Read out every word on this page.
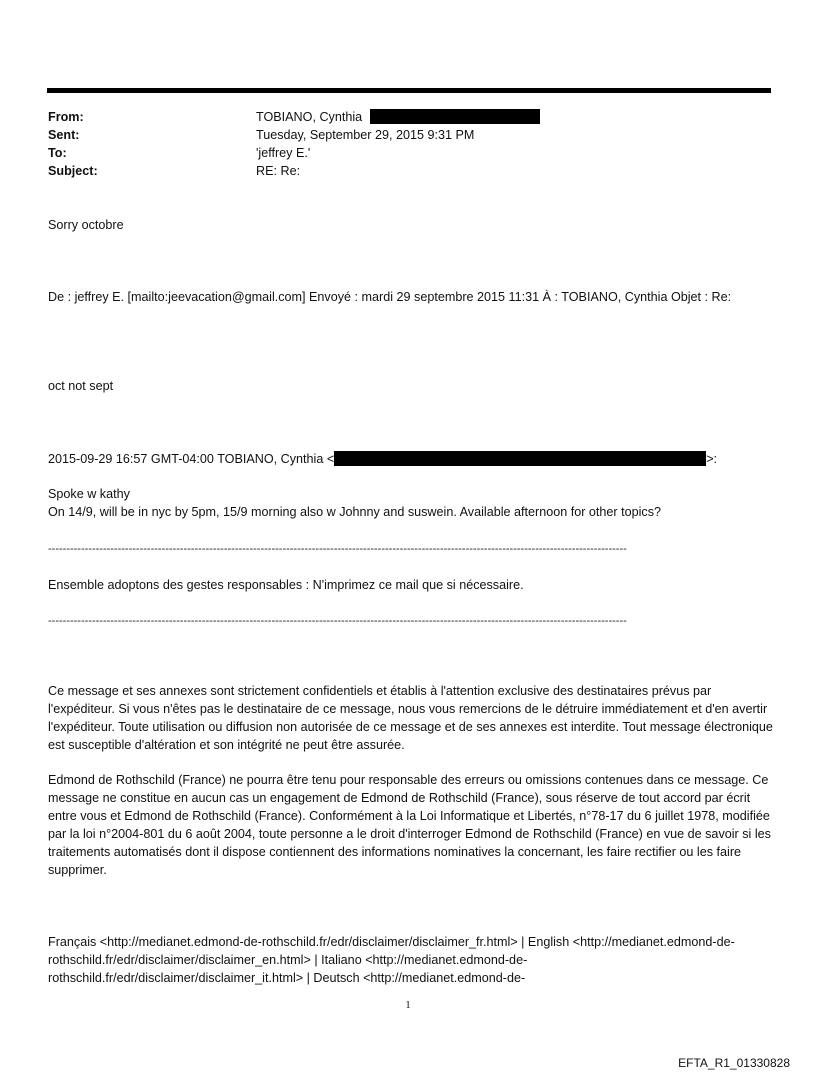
From:	TOBIANO, Cynthia
Sent:	Tuesday, September 29, 2015 9:31 PM
To:	'jeffrey E.'
Subject:	RE: Re:
Sorry octobre
De : jeffrey E. [mailto:jeevacation@gmail.com] Envoyé : mardi 29 septembre 2015 11:31 À : TOBIANO, Cynthia Objet : Re:
oct not sept
2015-09-29 16:57 GMT-04:00 TOBIANO, Cynthia <	>:
Spoke w kathy
On 14/9, will be in nyc by 5pm, 15/9 morning also w Johnny and suswein. Available afternoon for other topics?
--------------------------------------------------------------------------------------------------------------------------------------------------------------
Ensemble adoptons des gestes responsables : N'imprimez ce mail que si nécessaire.
--------------------------------------------------------------------------------------------------------------------------------------------------------------

Ce message et ses annexes sont strictement confidentiels et établis à l'attention exclusive des destinataires prévus par l'expéditeur. Si vous n'êtes pas le destinataire de ce message, nous vous remercions de le détruire immédiatement et d'en avertir l'expéditeur. Toute utilisation ou diffusion non autorisée de ce message et de ses annexes est interdite. Tout message électronique est susceptible d'altération et son intégrité ne peut être assurée.

Edmond de Rothschild (France) ne pourra être tenu pour responsable des erreurs ou omissions contenues dans ce message. Ce message ne constitue en aucun cas un engagement de Edmond de Rothschild (France), sous réserve de tout accord par écrit entre vous et Edmond de Rothschild (France). Conformément à la Loi Informatique et Libertés, n°78-17 du 6 juillet 1978, modifiée par la loi n°2004-801 du 6 août 2004, toute personne a le droit d'interroger Edmond de Rothschild (France) en vue de savoir si les traitements automatisés dont il dispose contiennent des informations nominatives la concernant, les faire rectifier ou les faire supprimer.

Français <http://medianet.edmond-de-rothschild.fr/edr/disclaimer/disclaimer_fr.html> | English <http://medianet.edmond-de-rothschild.fr/edr/disclaimer/disclaimer_en.html> | Italiano <http://medianet.edmond-de-rothschild.fr/edr/disclaimer/disclaimer_it.html> | Deutsch <http://medianet.edmond-de-

1
EFTA_R1_01330828
